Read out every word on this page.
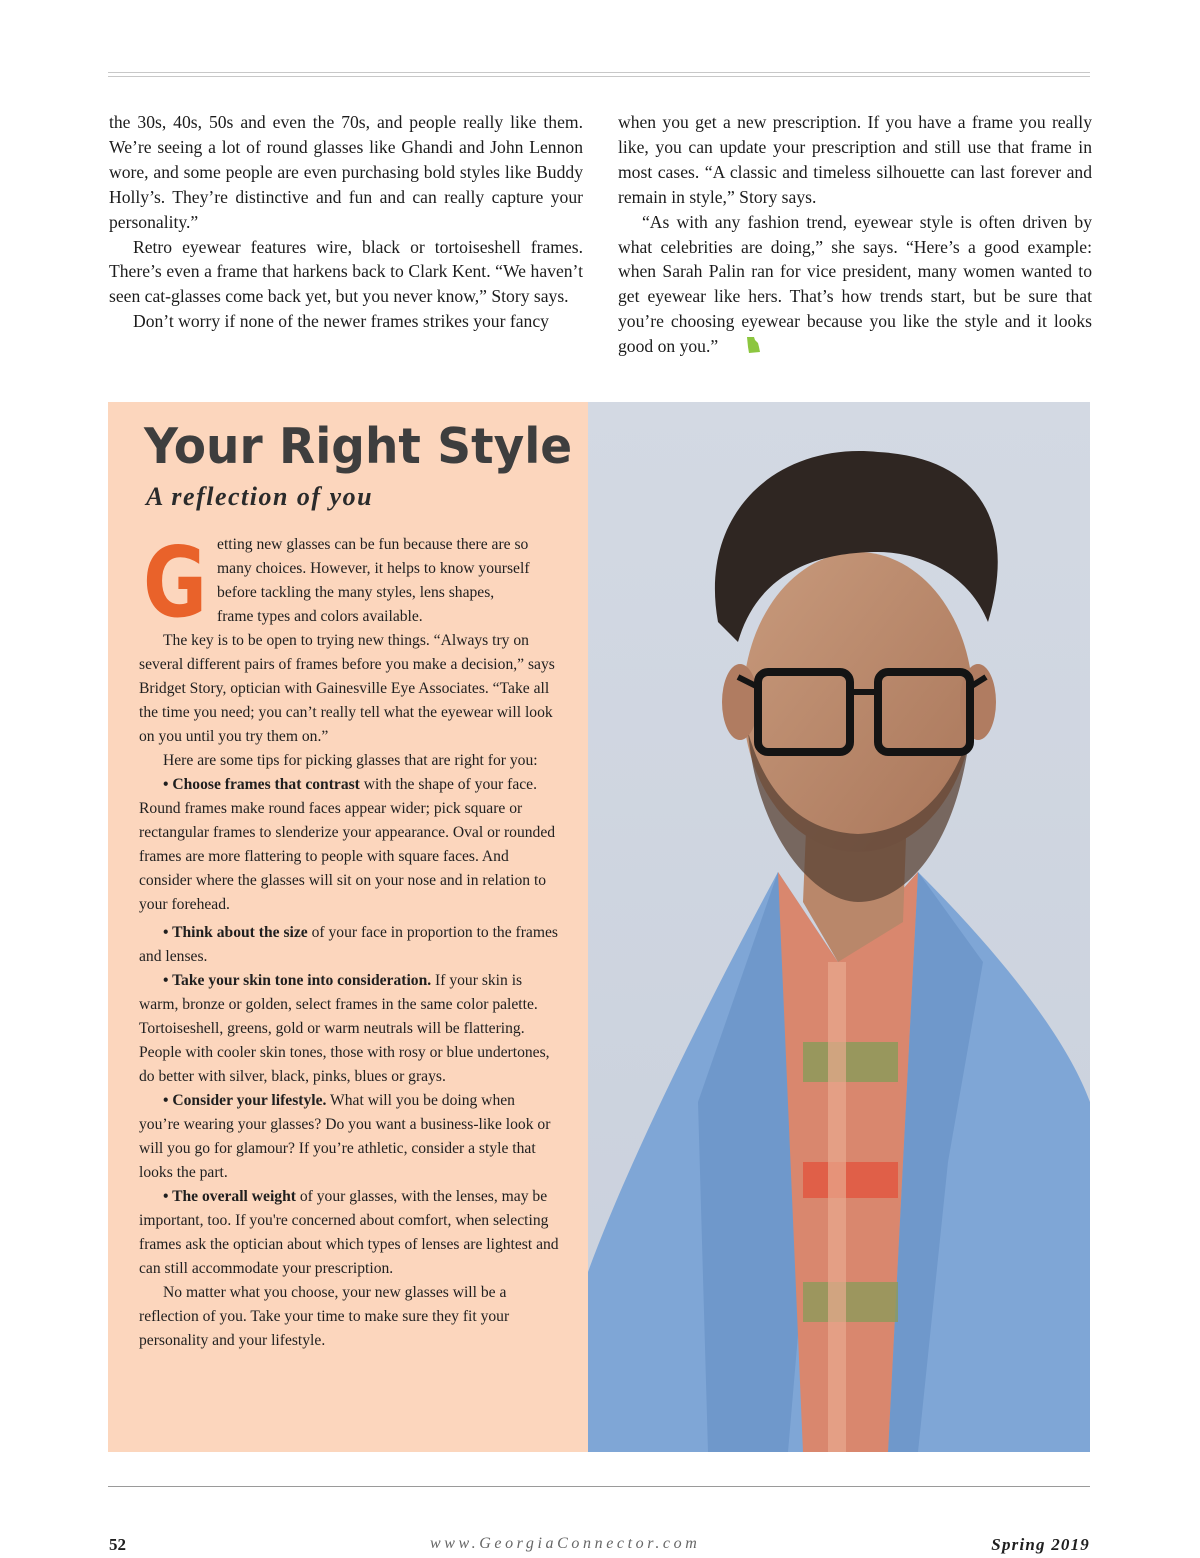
the 30s, 40s, 50s and even the 70s, and people really like them. We’re seeing a lot of round glasses like Ghandi and John Lennon wore, and some people are even purchasing bold styles like Buddy Holly’s. They’re distinctive and fun and can really capture your personality.”

Retro eyewear features wire, black or tortoiseshell frames. There’s even a frame that harkens back to Clark Kent. “We haven’t seen cat-glasses come back yet, but you never know,” Story says.

Don’t worry if none of the newer frames strikes your fancy

when you get a new prescription. If you have a frame you really like, you can update your prescription and still use that frame in most cases. “A classic and timeless silhouette can last forever and remain in style,” Story says.

“As with any fashion trend, eyewear style is often driven by what celebrities are doing,” she says. “Here’s a good example: when Sarah Palin ran for vice president, many women wanted to get eyewear like hers. That’s how trends start, but be sure that you’re choosing eyewear because you like the style and it looks good on you.”

Your Right Style
A reflection of you
G etting new glasses can be fun because there are so
many choices. However, it helps to know yourself
before tackling the many styles, lens shapes,
frame types and colors available.

The key is to be open to trying new things. “Always try on several different pairs of frames before you make a decision,” says Bridget Story, optician with Gainesville Eye Associates. “Take all the time you need; you can’t really tell what the eyewear will look on you until you try them on.”

Here are some tips for picking glasses that are right for you:

• Choose frames that contrast with the shape of your face. Round frames make round faces appear wider; pick square or rectangular frames to slenderize your appearance. Oval or rounded frames are more flattering to people with square faces. And consider where the glasses will sit on your nose and in relation to your forehead.

• Think about the size of your face in proportion to the frames and lenses.

• Take your skin tone into consideration. If your skin is warm, bronze or golden, select frames in the same color palette. Tortoiseshell, greens, gold or warm neutrals will be flattering. People with cooler skin tones, those with rosy or blue undertones, do better with silver, black, pinks, blues or grays.

• Consider your lifestyle. What will you be doing when you’re wearing your glasses? Do you want a business-like look or will you go for glamour? If you’re athletic, consider a style that looks the part.

• The overall weight of your glasses, with the lenses, may be important, too. If you're concerned about comfort, when selecting frames ask the optician about which types of lenses are lightest and can still accommodate your prescription.

No matter what you choose, your new glasses will be a reflection of you. Take your time to make sure they fit your personality and your lifestyle.

52	www.GeorgiaConnector.com	Spring 2019
